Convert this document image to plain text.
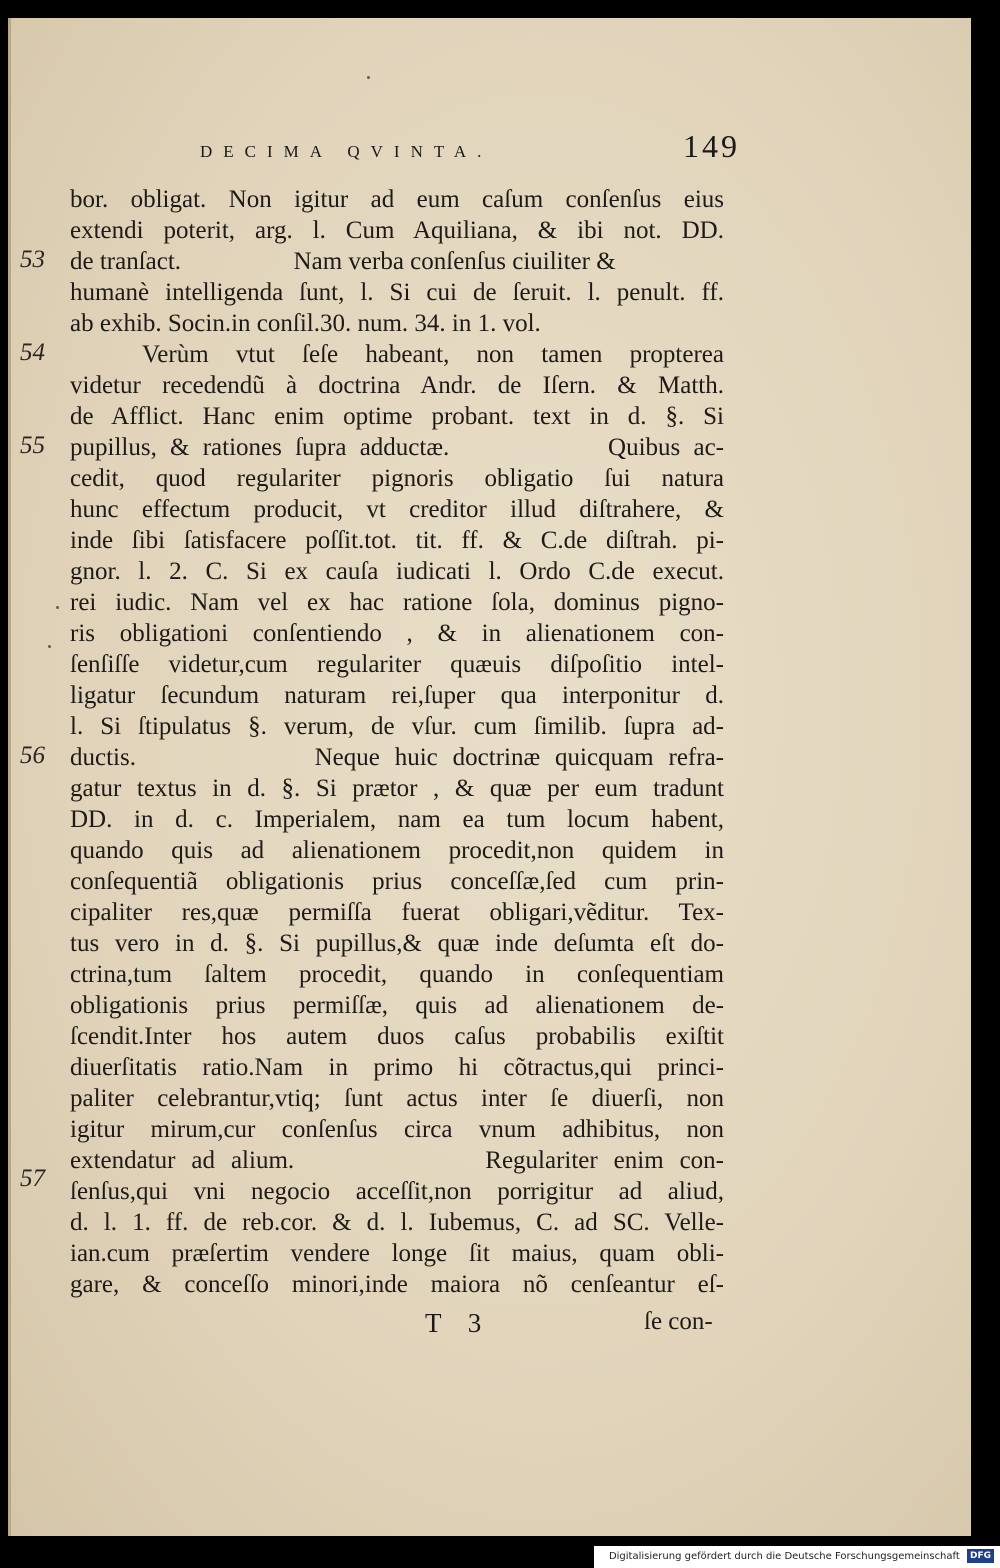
DECIMA QVINTA.	149
bor. obligat. Non igitur ad eum caſum conſenſus eius
extendi poterit, arg. l. Cum Aquiliana, & ibi not. DD.
de tranſact.                  Nam verba conſenſus ciuiliter &
humanè intelligenda ſunt, l. Si cui de ſeruit. l. penult. ff.
ab exhib. Socin.in conſil.30. num. 34. in 1. vol.
Verùm vtut ſeſe habeant, non tamen propterea
videtur recedendũ à doctrina Andr. de Iſern. & Matth.
de Afflict. Hanc enim optime probant. text in d. §. Si
pupillus, & rationes ſupra adductæ.            Quibus ac-
cedit, quod regulariter pignoris obligatio ſui natura
hunc effectum producit, vt creditor illud diſtrahere, &
inde ſibi ſatisfacere poſſit.tot. tit. ff. & C.de diſtrah. pi-
gnor. l. 2. C. Si ex cauſa iudicati l. Ordo C.de execut.
rei iudic. Nam vel ex hac ratione ſola, dominus pigno-
ris obligationi conſentiendo , & in alienationem con-
ſenſiſſe videtur,cum regulariter quæuis diſpoſitio intel-
ligatur ſecundum naturam rei,ſuper qua interponitur d.
l. Si ſtipulatus §. verum, de vſur. cum ſimilib. ſupra ad-
ductis.            Neque huic doctrinæ quicquam refra-
gatur textus in d. §. Si prætor , & quæ per eum tradunt
DD. in d. c. Imperialem, nam ea tum locum habent,
quando quis ad alienationem procedit,non quidem in
conſequentiã obligationis prius conceſſæ,ſed cum prin-
cipaliter res,quæ permiſſa fuerat obligari,vẽditur. Tex-
tus vero in d. §. Si pupillus,& quæ inde deſumta eſt do-
ctrina,tum ſaltem procedit, quando in conſequentiam
obligationis prius permiſſæ, quis ad alienationem de-
ſcendit.Inter hos autem duos caſus probabilis exiſtit
diuerſitatis ratio.Nam in primo hi cõtractus,qui princi-
paliter celebrantur,vtiq; ſunt actus inter ſe diuerſi, non
igitur mirum,cur conſenſus circa vnum adhibitus, non
extendatur ad alium.            Regulariter enim con-
ſenſus,qui vni negocio acceſſit,non porrigitur ad aliud,
d. l. 1. ff. de reb.cor. & d. l. Iubemus, C. ad SC. Velle-
ian.cum præſertim vendere longe ſit maius, quam obli-
gare, & conceſſo minori,inde maiora nõ cenſeantur eſ-
53
54
55
56
57
T 3	ſe con-
Digitalisierung gefördert durch die Deutsche Forschungsgemeinschaft DFG
